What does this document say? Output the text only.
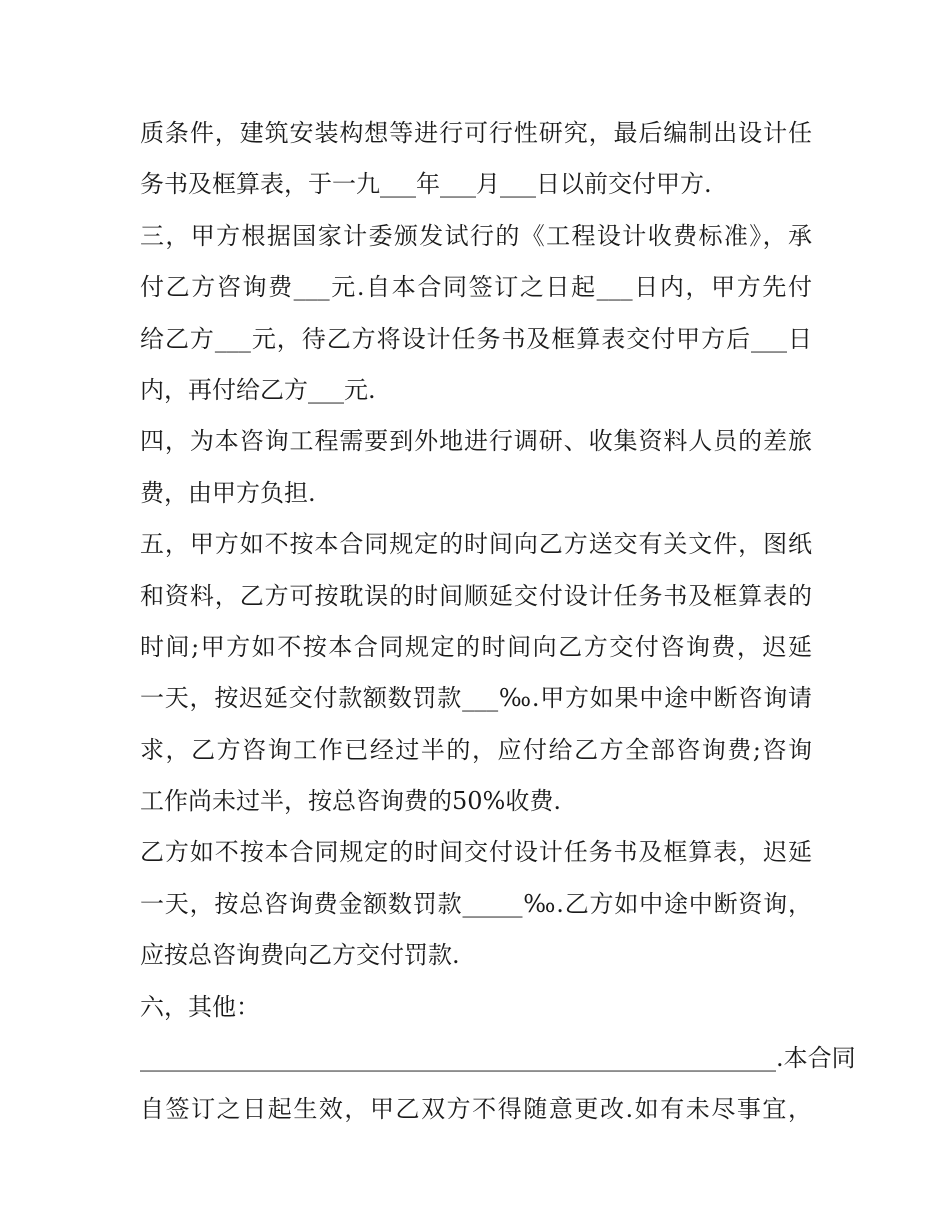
质条件，建筑安装构想等进行可行性研究，最后编制出设计任
务书及框算表，于一九___年___月___日以前交付甲方.
三，甲方根据国家计委颁发试行的《工程设计收费标准》，承
付乙方咨询费___元.自本合同签订之日起___日内，甲方先付
给乙方___元，待乙方将设计任务书及框算表交付甲方后___日
内，再付给乙方___元.
四，为本咨询工程需要到外地进行调研、收集资料人员的差旅
费，由甲方负担.
五，甲方如不按本合同规定的时间向乙方送交有关文件，图纸
和资料，乙方可按耽误的时间顺延交付设计任务书及框算表的
时间;甲方如不按本合同规定的时间向乙方交付咨询费，迟延
一天，按迟延交付款额数罚款___‰.甲方如果中途中断咨询请
求，乙方咨询工作已经过半的，应付给乙方全部咨询费;咨询
工作尚未过半，按总咨询费的50%收费.
乙方如不按本合同规定的时间交付设计任务书及框算表，迟延
一天，按总咨询费金额数罚款_____‰.乙方如中途中断资询，
应按总咨询费向乙方交付罚款.
六，其他：
_____________________________________________________.本合同
自签订之日起生效，甲乙双方不得随意更改.如有未尽事宜，
